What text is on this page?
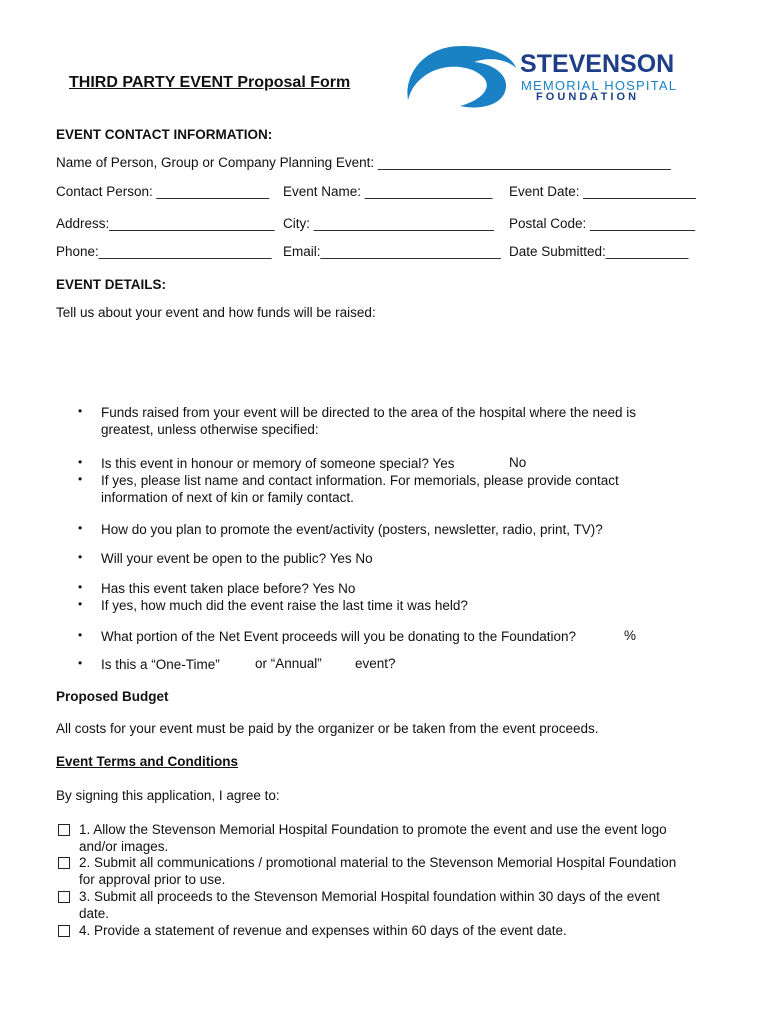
THIRD PARTY EVENT Proposal Form
STEVENSON
MEMORIAL HOSPITAL
F O U N D A T I O N
EVENT CONTACT INFORMATION:
Name of Person, Group or Company Planning Event: _______________________________________
Contact Person: _______________ Event Name: _________________ Event Date: _______________
Address:______________________ City: ________________________ Postal Code: ______________
Phone:_______________________ Email:________________________ Date Submitted:___________
EVENT DETAILS:
Tell us about your event and how funds will be raised:
• Funds raised from your event will be directed to the area of the hospital where the need is
greatest, unless otherwise specified:
• Is this event in honour or memory of someone special? Yes	No
• If yes, please list name and contact information. For memorials, please provide contact
information of next of kin or family contact.
• How do you plan to promote the event/activity (posters, newsletter, radio, print, TV)?
• Will your event be open to the public? Yes No
• Has this event taken place before? Yes No
• If yes, how much did the event raise the last time it was held?
• What portion of the Net Event proceeds will you be donating to the Foundation?	%
• Is this a “One-Time”	or “Annual” event?
Proposed Budget
All costs for your event must be paid by the organizer or be taken from the event proceeds.
Event Terms and Conditions
By signing this application, I agree to:
1. Allow the Stevenson Memorial Hospital Foundation to promote the event and use the event logo
and/or images.
2. Submit all communications / promotional material to the Stevenson Memorial Hospital Foundation
for approval prior to use.
3. Submit all proceeds to the Stevenson Memorial Hospital foundation within 30 days of the event
date.
4. Provide a statement of revenue and expenses within 60 days of the event date.
